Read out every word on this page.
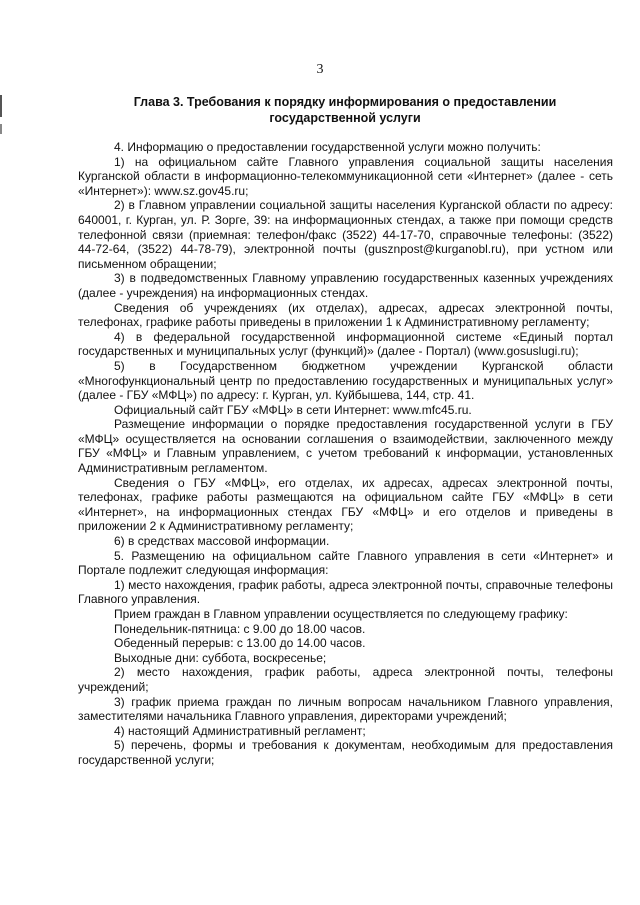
3
Глава 3. Требования к порядку информирования о предоставлении государственной услуги

4. Информацию о предоставлении государственной услуги можно получить:

1) на официальном сайте Главного управления социальной защиты населения Курганской области в информационно-телекоммуникационной сети «Интернет» (далее - сеть «Интернет»): www.sz.gov45.ru;

2) в Главном управлении социальной защиты населения Курганской области по адресу: 640001, г. Курган, ул. Р. Зорге, 39: на информационных стендах, а также при помощи средств телефонной связи (приемная: телефон/факс (3522) 44-17-70, справочные телефоны: (3522) 44-72-64, (3522) 44-78-79), электронной почты (gusznpost@kurganobl.ru), при устном или письменном обращении;

3) в подведомственных Главному управлению государственных казенных учреждениях (далее - учреждения) на информационных стендах.

Сведения об учреждениях (их отделах), адресах, адресах электронной почты, телефонах, графике работы приведены в приложении 1 к Административному регламенту;

4) в федеральной государственной информационной системе «Единый портал государственных и муниципальных услуг (функций)» (далее - Портал) (www.gosuslugi.ru);

5) в Государственном бюджетном учреждении Курганской области «Многофункциональный центр по предоставлению государственных и муниципальных услуг» (далее - ГБУ «МФЦ») по адресу: г. Курган, ул. Куйбышева, 144, стр. 41.

Официальный сайт ГБУ «МФЦ» в сети Интернет: www.mfc45.ru.

Размещение информации о порядке предоставления государственной услуги в ГБУ «МФЦ» осуществляется на основании соглашения о взаимодействии, заключенного между ГБУ «МФЦ» и Главным управлением, с учетом требований к информации, установленных Административным регламентом.

Сведения о ГБУ «МФЦ», его отделах, их адресах, адресах электронной почты, телефонах, графике работы размещаются на официальном сайте ГБУ «МФЦ» в сети «Интернет», на информационных стендах ГБУ «МФЦ» и его отделов и приведены в приложении 2 к Административному регламенту;

6) в средствах массовой информации.

5. Размещению на официальном сайте Главного управления в сети «Интернет» и Портале подлежит следующая информация:

1) место нахождения, график работы, адреса электронной почты, справочные телефоны Главного управления.

Прием граждан в Главном управлении осуществляется по следующему графику:

Понедельник-пятница: с 9.00 до 18.00 часов.

Обеденный перерыв: с 13.00 до 14.00 часов.

Выходные дни: суббота, воскресенье;

2) место нахождения, график работы, адреса электронной почты, телефоны учреждений;

3) график приема граждан по личным вопросам начальником Главного управления, заместителями начальника Главного управления, директорами учреждений;

4) настоящий Административный регламент;

5) перечень, формы и требования к документам, необходимым для предоставления государственной услуги;
